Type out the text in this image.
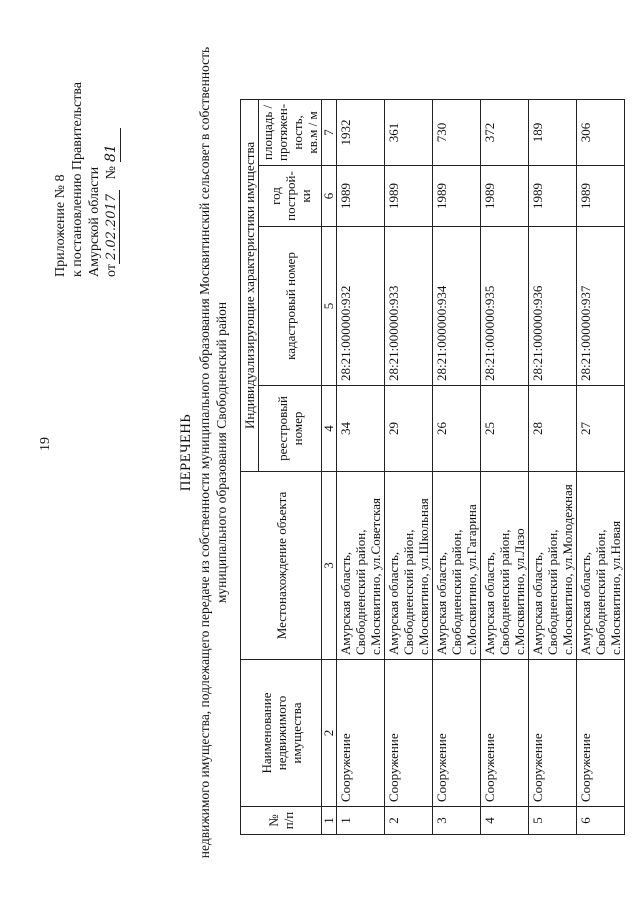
19
Приложение № 8 к постановлению Правительства Амурской области от2.02.2017   №81
ПЕРЕЧЕНЬ недвижимого имущества, подлежащего передаче из собственности муниципального образования Москвитинский сельсовет в собственность муниципального образования Свободненский район
№ п/п	Наименование недвижимого имущества	Местонахождение объекта	Индивидуализирующие характеристики имущества			
			реестровый номер	кадастровый номер	год построй-ки	площадь / протяжен-ность, кв.м / м
1	2	3	4	5	6	7
1	Сооружение	Амурская область, Свободненский район, с.Москвитино, ул.Советская	34	28:21:000000:932	1989	1932
2	Сооружение	Амурская область, Свободненский район, с.Москвитино, ул.Школьная	29	28:21:000000:933	1989	361
3	Сооружение	Амурская область, Свободненский район, с.Москвитино, ул.Гагарина	26	28:21:000000:934	1989	730
4	Сооружение	Амурская область, Свободненский район, с.Москвитино, ул.Лазо	25	28:21:000000:935	1989	372
5	Сооружение	Амурская область, Свободненский район, с.Москвитино, ул.Молодежная	28	28:21:000000:936	1989	189
6	Сооружение	Амурская область, Свободненский район, с.Москвитино, ул.Новая	27	28:21:000000:937	1989	306
